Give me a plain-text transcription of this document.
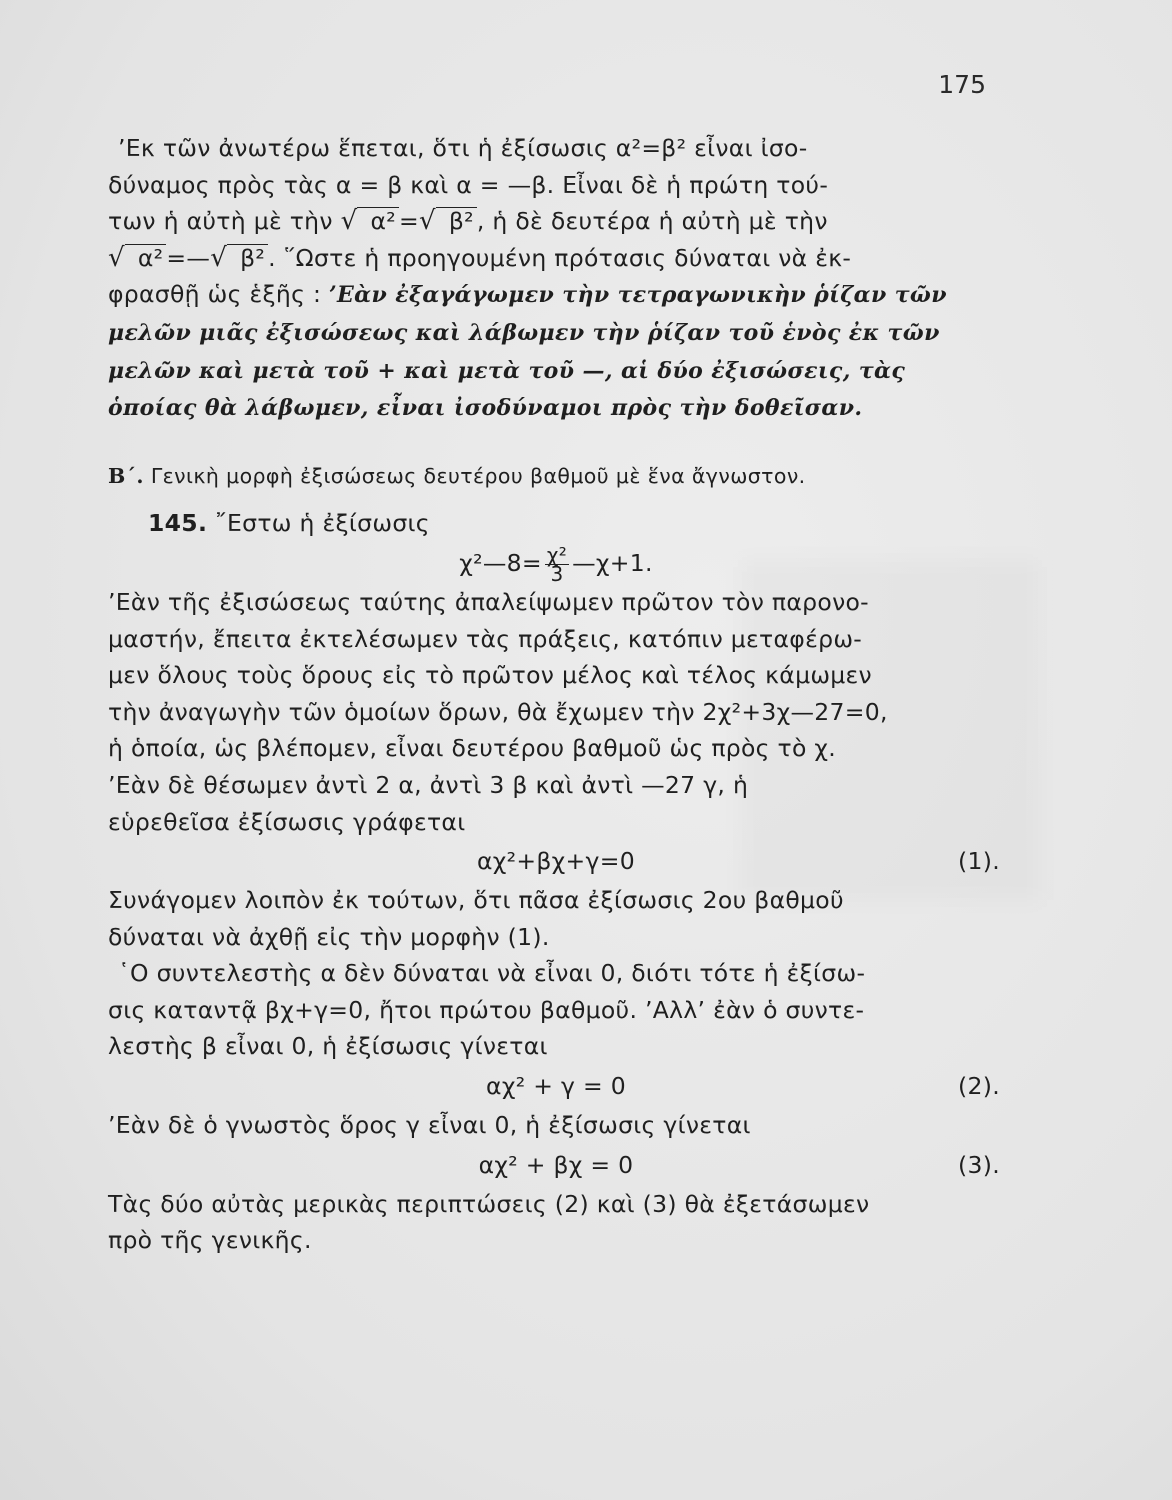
175

’Εκ τῶν ἀνωτέρω ἕπεται, ὅτι ἡ ἐξίσωσις α²=β² εἶναι ἰσο-
δύναμος πρὸς τὰς α = β καὶ α = —β. Εἶναι δὲ ἡ πρώτη τού-
των ἡ αὐτὴ μὲ τὴν √ α² =√ β² , ἡ δὲ δευτέρα ἡ αὐτὴ μὲ τὴν
√ α² =—√ β² . ῞Ωστε ἡ προηγουμένη πρότασις δύναται νὰ ἐκ-
φρασθῇ ὡς ἑξῆς : ’Εὰν ἐξαγάγωμεν τὴν τετραγωνικὴν ῥίζαν τῶν
μελῶν μιᾶς ἐξισώσεως καὶ λάβωμεν τὴν ῥίζαν τοῦ ἑνὸς ἐκ τῶν
μελῶν καὶ μετὰ τοῦ + καὶ μετὰ τοῦ —, αἱ δύο ἐξισώσεις, τὰς
ὁποίας θὰ λάβωμεν, εἶναι ἰσοδύναμοι πρὸς τὴν δοθεῖσαν.

Β΄. Γενικὴ μορφὴ ἐξισώσεως δευτέρου βαθμοῦ μὲ ἕνα ἄγνωστον.

145. ῎Εστω ἡ ἐξίσωσις

χ²—8= $\frac{\text{χ²}}{3}$ —χ+1.

’Εὰν τῆς ἐξισώσεως ταύτης ἀπαλείψωμεν πρῶτον τὸν παρονο-
μαστήν, ἔπειτα ἐκτελέσωμεν τὰς πράξεις, κατόπιν μεταφέρω-
μεν ὅλους τοὺς ὅρους εἰς τὸ πρῶτον μέλος καὶ τέλος κάμωμεν
τὴν ἀναγωγὴν τῶν ὁμοίων ὅρων, θὰ ἔχωμεν τὴν 2χ²+3χ—27=0,
ἡ ὁποία, ὡς βλέπομεν, εἶναι δευτέρου βαθμοῦ ὡς πρὸς τὸ χ.
’Εὰν δὲ θέσωμεν ἀντὶ 2 α, ἀντὶ 3 β καὶ ἀντὶ —27 γ, ἡ
εὑρεθεῖσα ἐξίσωσις γράφεται

αχ²+βχ+γ=0	(1).

Συνάγομεν λοιπὸν ἐκ τούτων, ὅτι πᾶσα ἐξίσωσις 2ου βαθμοῦ
δύναται νὰ ἀχθῇ εἰς τὴν μορφὴν (1).

῾Ο συντελεστὴς α δὲν δύναται νὰ εἶναι 0, διότι τότε ἡ ἐξίσω-
σις καταντᾷ βχ+γ=0, ἤτοι πρώτου βαθμοῦ. ’Αλλ’ ἐὰν ὁ συντε-
λεστὴς β εἶναι 0, ἡ ἐξίσωσις γίνεται

αχ² + γ = 0	(2).

’Εὰν δὲ ὁ γνωστὸς ὅρος γ εἶναι 0, ἡ ἐξίσωσις γίνεται

αχ² + βχ = 0	(3).

Τὰς δύο αὐτὰς μερικὰς περιπτώσεις (2) καὶ (3) θὰ ἐξετάσωμεν
πρὸ τῆς γενικῆς.
